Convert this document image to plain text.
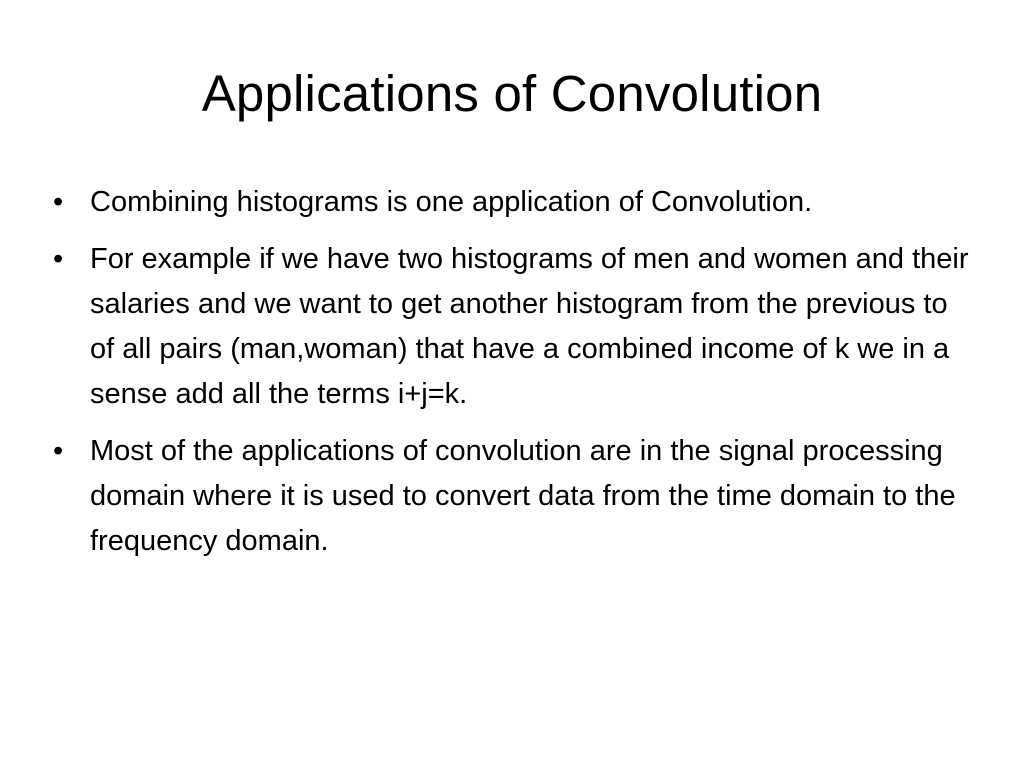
Applications of Convolution
• Combining histograms is one application of Convolution.
• For example if we have two histograms of men and women and their salaries and we want to get another histogram from the previous to of all pairs (man,woman) that have a combined income of k we in a sense add all the terms i+j=k.
• Most of the applications of convolution are in the signal processing domain where it is used to convert data from the time domain to the frequency domain.
